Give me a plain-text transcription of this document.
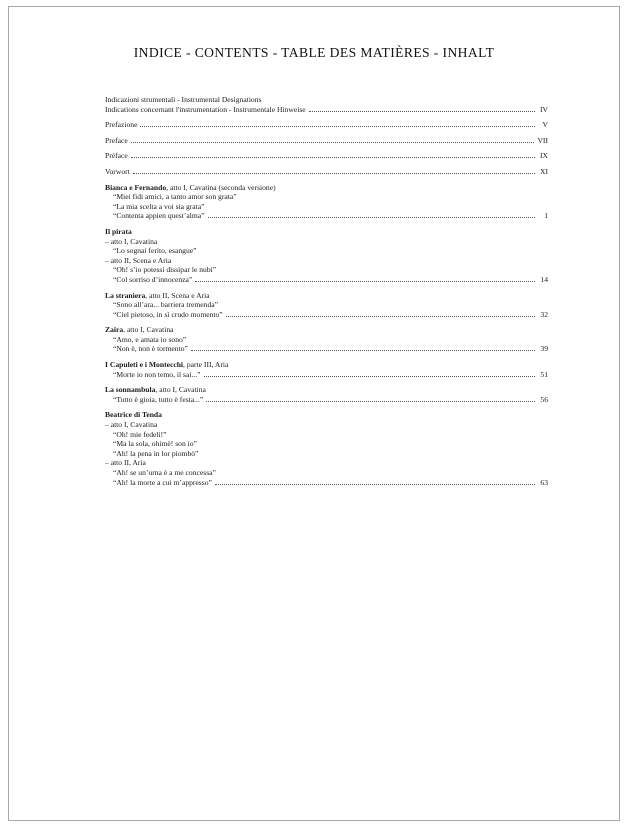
INDICE - CONTENTS - TABLE DES MATIÈRES - INHALT
Indicazioni strumentali - Instrumental Designations
Indications concernant l'instrumentation - Instrumentale Hinweise	IV
Prefazione	V
Preface	VII
Préface	IX
Vorwort	XI
Bianca e Fernando , atto I, Cavatina (seconda versione)
“Miei fidi amici, a tanto amor son grata”
“La mia scelta a voi sia grata”
“Contenta appien quest’alma”	1
Il pirata
– atto I, Cavatina
“Lo sognai ferito, esangue”
– atto II, Scena e Aria
“Oh! s’io potessi dissipar le nubi”
“Col sorriso d’innocenza”	14
La straniera , atto II, Scena e Aria
“Sono all’ara... barriera tremenda”
“Ciel pietoso, in sì crudo momento”	32
Zaira , atto I, Cavatina
“Amo, e amata io sono”
“Non è, non è tormento”	39
I Capuleti e i Montecchi , parte III, Aria
“Morte io non temo, il sai...”	51
La sonnambula , atto I, Cavatina
“Tutto è gioia, tutto è festa...”	56
Beatrice di Tenda
– atto I, Cavatina
“Oh! mie fedeli!”
“Ma la sola, ohimè! son io”
“Ah! la pena in lor piombò”
– atto II, Aria
“Ah! se un’urna è a me concessa”
“Ah! la morte a cui m’appresso”	63
